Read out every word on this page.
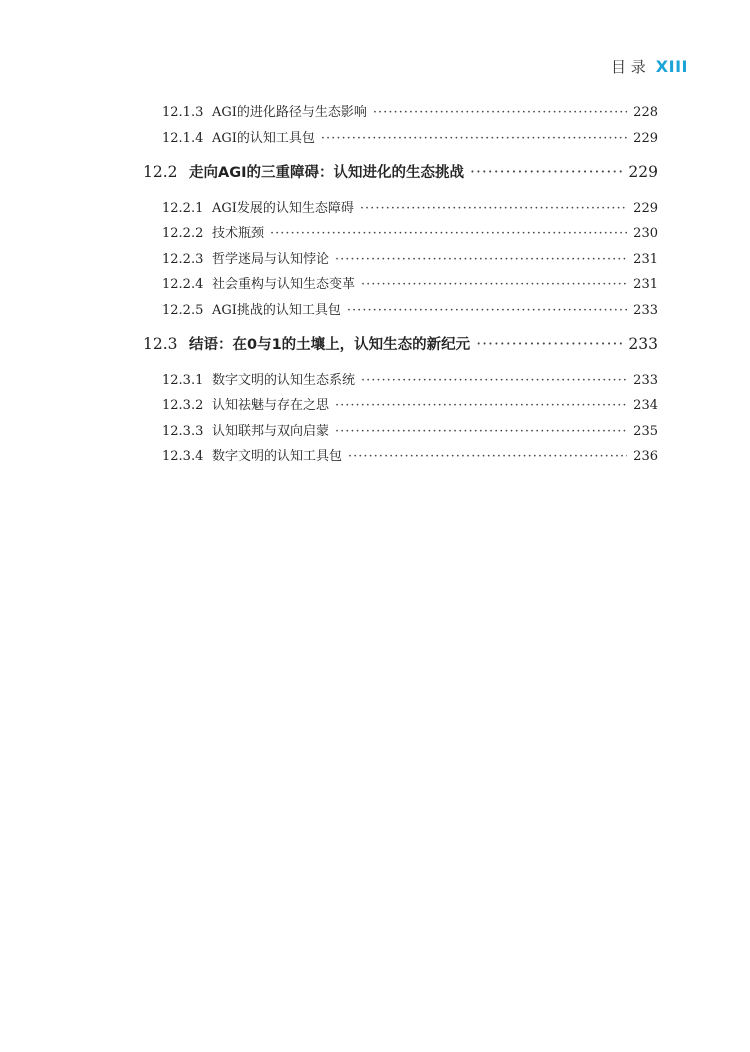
目 录 XIII
12.1.3 AGI的进化路径与生态影响 ·····	228
12.1.4 AGI的认知工具包 ·····	229
12.2 走向AGI的三重障碍：认知进化的生态挑战 ·····	229
12.2.1 AGI发展的认知生态障碍 ·····	229
12.2.2 技术瓶颈 ·····	230
12.2.3 哲学迷局与认知悖论 ·····	231
12.2.4 社会重构与认知生态变革 ·····	231
12.2.5 AGI挑战的认知工具包 ·····	233
12.3 结语：在0与1的土壤上，认知生态的新纪元 ·····	233
12.3.1 数字文明的认知生态系统 ·····	233
12.3.2 认知祛魅与存在之思 ·····	234
12.3.3 认知联邦与双向启蒙 ·····	235
12.3.4 数字文明的认知工具包 ·····	236
